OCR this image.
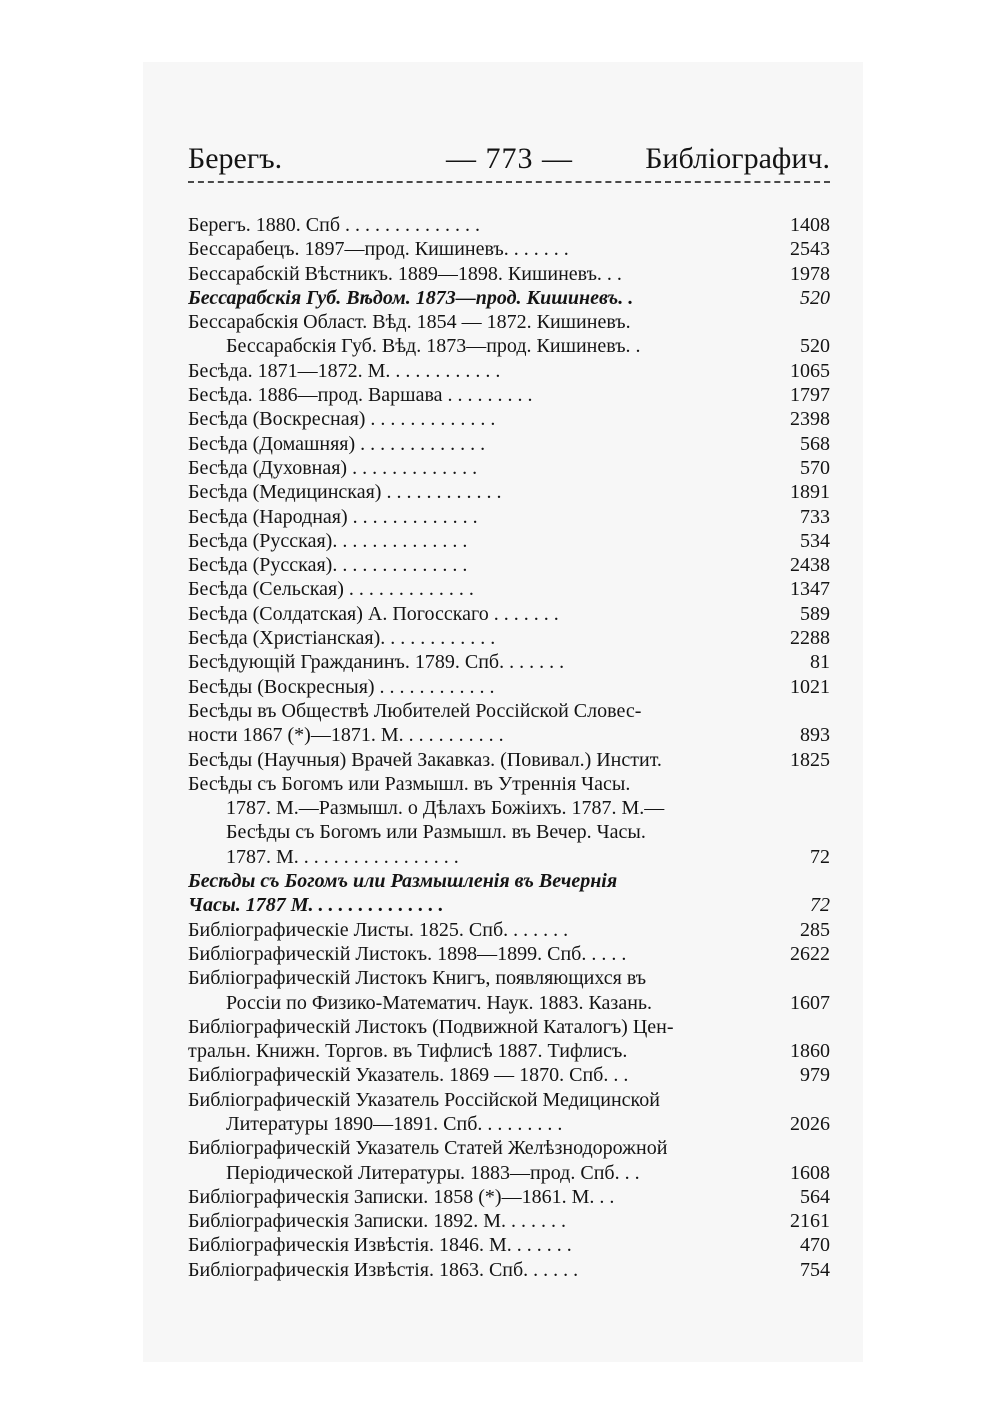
Берегъ.	— 773 — Библіографич.
Берегъ. 1880. Спб . . . . . . . . . . . . . .	1408
Бессарабецъ. 1897—прод. Кишиневъ. . . . . . .	2543
Бессарабскій Вѣстникъ. 1889—1898. Кишиневъ. . .	1978
Бессарабскія Губ. Вѣдом. 1873—прод. Кишиневъ. .	520
Бессарабскія Област. Вѣд. 1854 — 1872. Кишиневъ.
Бессарабскія Губ. Вѣд. 1873—прод. Кишиневъ. .	520
Бесѣда. 1871—1872. М. . . . . . . . . . . .	1065
Бесѣда. 1886—прод. Варшава . . . . . . . . .	1797
Бесѣда (Воскресная) . . . . . . . . . . . . .	2398
Бесѣда (Домашняя) . . . . . . . . . . . . .	568
Бесѣда (Духовная) . . . . . . . . . . . . .	570
Бесѣда (Медицинская) . . . . . . . . . . . .	1891
Бесѣда (Народная) . . . . . . . . . . . . .	733
Бесѣда (Русская). . . . . . . . . . . . . .	534
Бесѣда (Русская). . . . . . . . . . . . . .	2438
Бесѣда (Сельская) . . . . . . . . . . . . .	1347
Бесѣда (Солдатская) А. Погосскаго . . . . . . .	589
Бесѣда (Христіанская). . . . . . . . . . . .	2288
Бесѣдующій Гражданинъ. 1789. Спб. . . . . . .	81
Бесѣды (Воскресныя) . . . . . . . . . . . .	1021
Бесѣды въ Обществѣ Любителей Россійской Словес-
ности 1867 (*)—1871. М. . . . . . . . . . .	893
Бесѣды (Научныя) Врачей Закавказ. (Повивал.) Инстит.	1825
Бесѣды съ Богомъ или Размышл. въ Утреннія Часы.
1787. М.—Размышл. о Дѣлахъ Божіихъ. 1787. М.—
Бесѣды съ Богомъ или Размышл. въ Вечер. Часы.
1787. М. . . . . . . . . . . . . . . . .	72
Бесѣды съ Богомъ или Размышленія въ Вечернія
Часы. 1787 М. . . . . . . . . . . . . .	72
Библіографическіе Листы. 1825. Спб. . . . . . .	285
Библіографическій Листокъ. 1898—1899. Спб. . . . .	2622
Библіографическій Листокъ Книгъ, появляющихся въ
Россіи по Физико-Математич. Наук. 1883. Казань.	1607
Библіографическій Листокъ (Подвижной Каталогъ) Цен-
тральн. Книжн. Торгов. въ Тифлисѣ 1887. Тифлисъ.	1860
Библіографическій Указатель. 1869 — 1870. Спб. . .	979
Библіографическій Указатель Россійской Медицинской
Литературы 1890—1891. Спб. . . . . . . . .	2026
Библіографическій Указатель Статей Желѣзнодорожной
Періодической Литературы. 1883—прод. Спб. . .	1608
Библіографическія Записки. 1858 (*)—1861. М. . .	564
Библіографическія Записки. 1892. М. . . . . . .	2161
Библіографическія Извѣстія. 1846. М. . . . . . .	470
Библіографическія Извѣстія. 1863. Спб. . . . . .	754
